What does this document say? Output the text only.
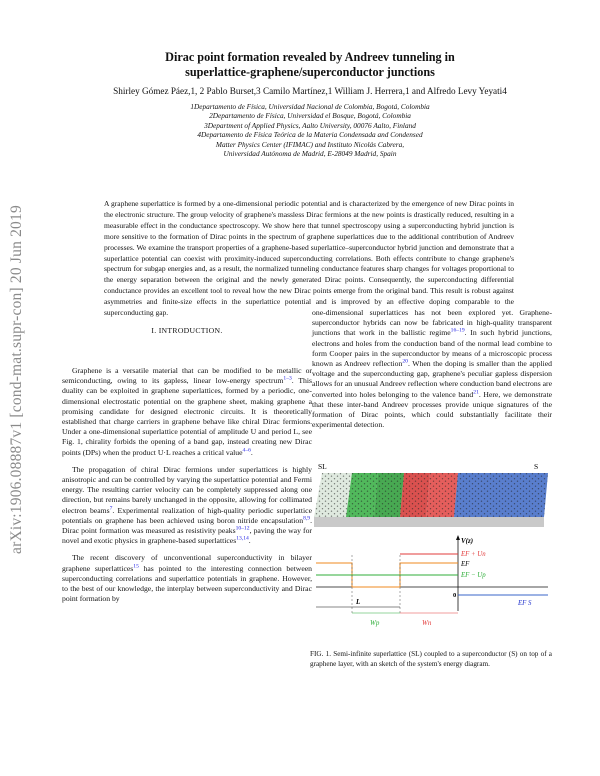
arXiv:1906.08887v1 [cond-mat.supr-con] 20 Jun 2019
Dirac point formation revealed by Andreev tunneling in
superlattice-graphene/superconductor junctions
Shirley Gómez Páez,1, 2 Pablo Burset,3 Camilo Martínez,1 William J. Herrera,1 and Alfredo Levy Yeyati4
1Departamento de Física, Universidad Nacional de Colombia, Bogotá, Colombia
2Departamento de Física, Universidad el Bosque, Bogotá, Colombia
3Department of Applied Physics, Aalto University, 00076 Aalto, Finland
4Departamento de Física Teórica de la Materia Condensada and Condensed
Matter Physics Center (IFIMAC) and Instituto Nicolás Cabrera,
Universidad Autónoma de Madrid, E-28049 Madrid, Spain
A graphene superlattice is formed by a one-dimensional periodic potential and is characterized by the emergence of new Dirac points in the electronic structure. The group velocity of graphene's massless Dirac fermions at the new points is drastically reduced, resulting in a measurable effect in the conductance spectroscopy. We show here that tunnel spectroscopy using a superconducting hybrid junction is more sensitive to the formation of Dirac points in the spectrum of graphene superlattices due to the additional contribution of Andreev processes. We examine the transport properties of a graphene-based superlattice–superconductor hybrid junction and demonstrate that a superlattice potential can coexist with proximity-induced superconducting correlations. Both effects contribute to change graphene's spectrum for subgap energies and, as a result, the normalized tunneling conductance features sharp changes for voltages proportional to the energy separation between the original and the newly generated Dirac points. Consequently, the superconducting differential conductance provides an excellent tool to reveal how the new Dirac points emerge from the original band. This result is robust against asymmetries and finite-size effects in the superlattice potential and is improved by an effective doping comparable to the superconducting gap.
I. INTRODUCTION.

Graphene is a versatile material that can be modified to be metallic or semiconducting, owing to its gapless, linear low-energy spectrum$^{1-3}$. This duality can be exploited in graphene superlattices, formed by a periodic, one-dimensional electrostatic potential on the graphene sheet, making graphene a promising candidate for designed electronic circuits. It is theoretically established that charge carriers in graphene behave like chiral Dirac fermions. Under a one-dimensional superlattice potential of amplitude U and period L, see Fig. 1, chirality forbids the opening of a band gap, instead creating new Dirac points (DPs) when the product U·L reaches a critical value$^{4-6}$.

The propagation of chiral Dirac fermions under superlattices is highly anisotropic and can be controlled by varying the superlattice potential and Fermi energy. The resulting carrier velocity can be completely suppressed along one direction, but remains barely unchanged in the opposite, allowing for collimated electron beams$^7$. Experimental realization of high-quality periodic superlattice potentials on graphene has been achieved using boron nitride encapsulation$^{8,9}$. Dirac point formation was measured as resistivity peaks$^{10-12}$, paving the way for novel and exotic physics in graphene-based superlattices$^{13,14}$.

The recent discovery of unconventional superconductivity in bilayer graphene superlattices$^{15}$ has pointed to the interesting connection between superconducting correlations and superlattice potentials in graphene. However, to the best of our knowledge, the interplay between superconductivity and Dirac point formation by

one-dimensional superlattices has not been explored yet. Graphene-superconductor hybrids can now be fabricated in high-quality transparent junctions that work in the ballistic regime$^{16-19}$. In such hybrid junctions, electrons and holes from the conduction band of the normal lead combine to form Cooper pairs in the superconductor by means of a microscopic process known as Andreev reflection$^{20}$. When the doping is smaller than the applied voltage and the superconducting gap, graphene's peculiar gapless dispersion allows for an unusual Andreev reflection where conduction band electrons are converted into holes belonging to the valence band$^{21}$. Here, we demonstrate that these inter-band Andreev processes provide unique signatures of the formation of Dirac points, which could substantially facilitate their experimental detection.

SL	S
V(z)
EF + Un
EF
EF − Up
0
EF S
L
Wp	Wn
FIG. 1. Semi-infinite superlattice (SL) coupled to a superconductor (S) on top of a graphene layer, with an sketch of the system's energy diagram.
